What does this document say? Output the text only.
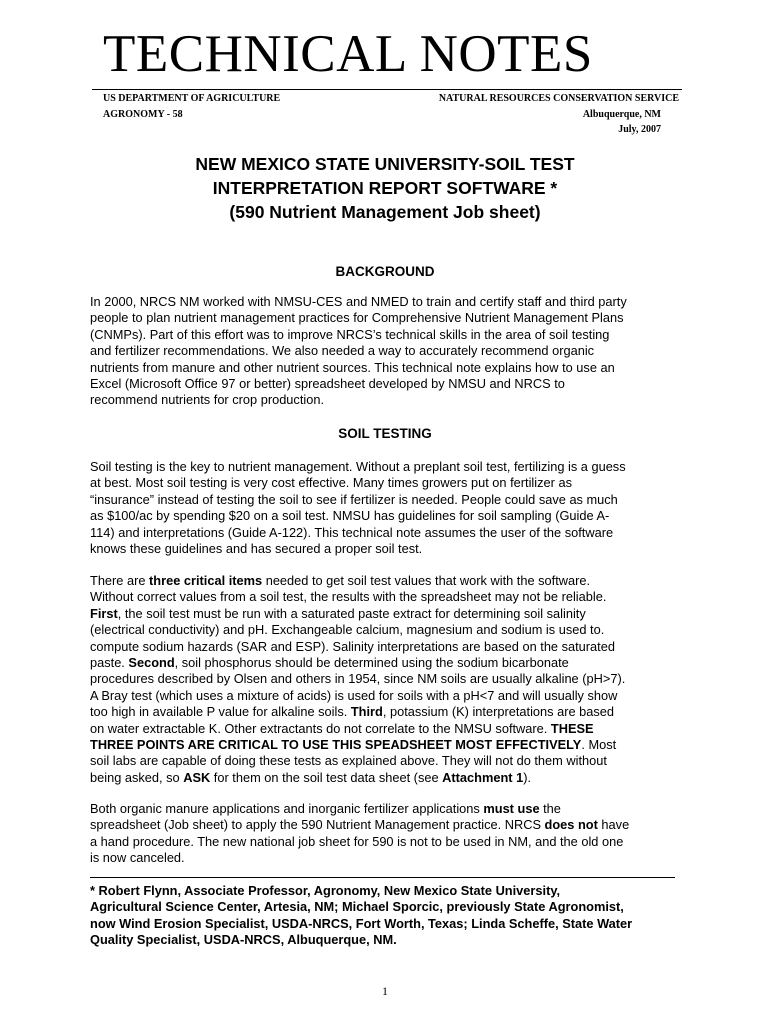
TECHNICAL NOTES
US DEPARTMENT OF AGRICULTURE	NATURAL RESOURCES CONSERVATION SERVICE
AGRONOMY - 58	Albuquerque, NM
July, 2007
NEW MEXICO STATE UNIVERSITY-SOIL TEST
INTERPRETATION REPORT SOFTWARE *
(590 Nutrient Management Job sheet)
BACKGROUND
In 2000, NRCS NM worked with NMSU-CES and NMED to train and certify staff and third party
people to plan nutrient management practices for Comprehensive Nutrient Management Plans
(CNMPs). Part of this effort was to improve NRCS’s technical skills in the area of soil testing
and fertilizer recommendations. We also needed a way to accurately recommend organic
nutrients from manure and other nutrient sources. This technical note explains how to use an
Excel (Microsoft Office 97 or better) spreadsheet developed by NMSU and NRCS to
recommend nutrients for crop production.
SOIL TESTING
Soil testing is the key to nutrient management. Without a preplant soil test, fertilizing is a guess
at best. Most soil testing is very cost effective. Many times growers put on fertilizer as
“insurance” instead of testing the soil to see if fertilizer is needed. People could save as much
as $100/ac by spending $20 on a soil test. NMSU has guidelines for soil sampling (Guide A-
114) and interpretations (Guide A-122). This technical note assumes the user of the software
knows these guidelines and has secured a proper soil test.
There are three critical items needed to get soil test values that work with the software.
Without correct values from a soil test, the results with the spreadsheet may not be reliable.
First, the soil test must be run with a saturated paste extract for determining soil salinity
(electrical conductivity) and pH. Exchangeable calcium, magnesium and sodium is used to.
compute sodium hazards (SAR and ESP). Salinity interpretations are based on the saturated
paste. Second, soil phosphorus should be determined using the sodium bicarbonate
procedures described by Olsen and others in 1954, since NM soils are usually alkaline (pH>7).
A Bray test (which uses a mixture of acids) is used for soils with a pH<7 and will usually show
too high in available P value for alkaline soils. Third, potassium (K) interpretations are based
on water extractable K. Other extractants do not correlate to the NMSU software. THESE
THREE POINTS ARE CRITICAL TO USE THIS SPEADSHEET MOST EFFECTIVELY. Most
soil labs are capable of doing these tests as explained above. They will not do them without
being asked, so ASK for them on the soil test data sheet (see Attachment 1).
Both organic manure applications and inorganic fertilizer applications must use the
spreadsheet (Job sheet) to apply the 590 Nutrient Management practice. NRCS does not have
a hand procedure. The new national job sheet for 590 is not to be used in NM, and the old one
is now canceled.
* Robert Flynn, Associate Professor, Agronomy, New Mexico State University,
Agricultural Science Center, Artesia, NM; Michael Sporcic, previously State Agronomist,
now Wind Erosion Specialist, USDA-NRCS, Fort Worth, Texas; Linda Scheffe, State Water
Quality Specialist, USDA-NRCS, Albuquerque, NM.
1
